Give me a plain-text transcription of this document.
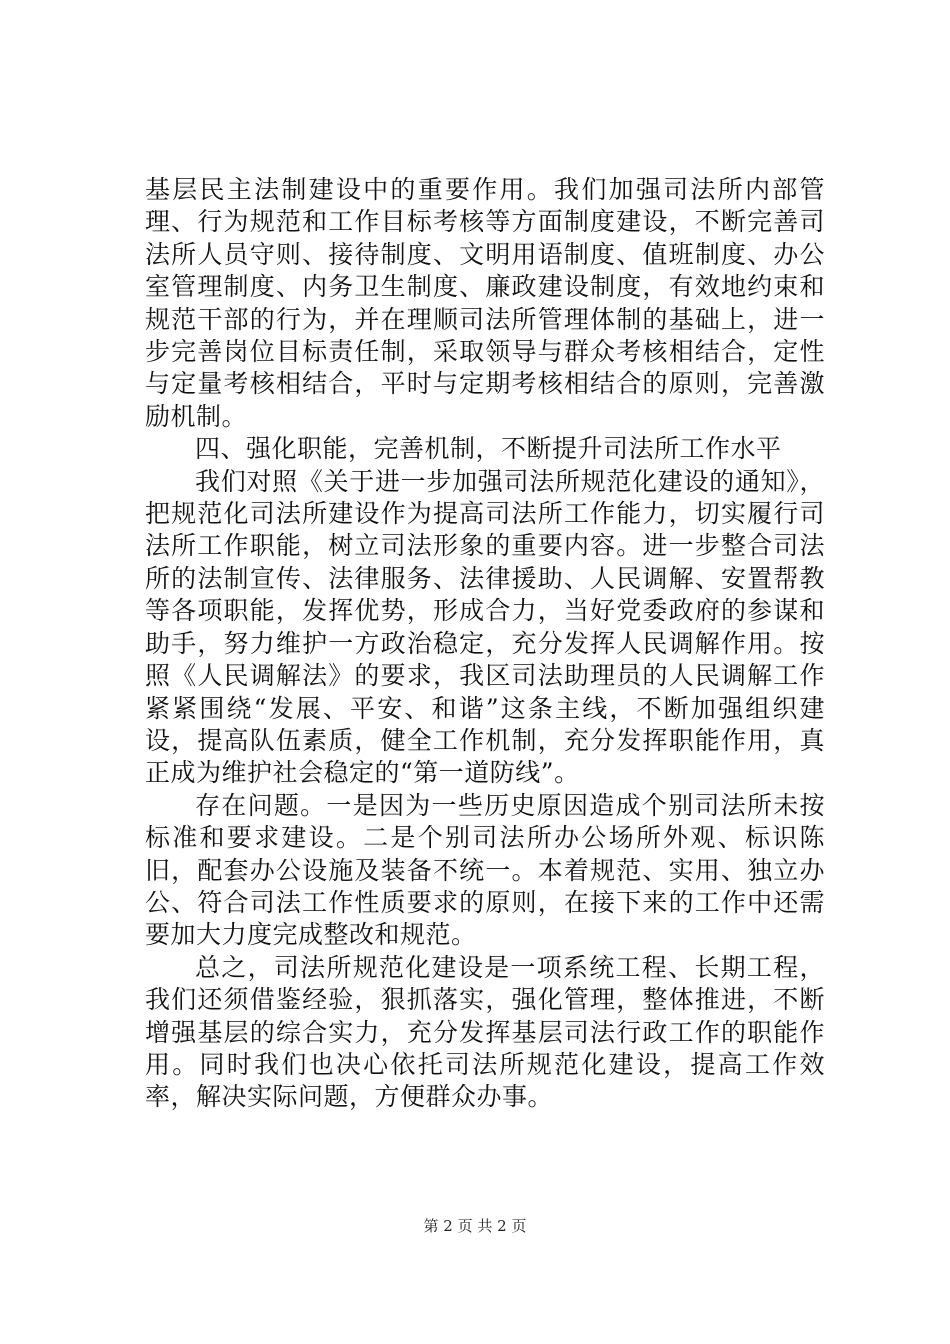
基层民主法制建设中的重要作用。我们加强司法所内部管理、行为规范和工作目标考核等方面制度建设，不断完善司法所人员守则、接待制度、文明用语制度、值班制度、办公室管理制度、内务卫生制度、廉政建设制度，有效地约束和规范干部的行为，并在理顺司法所管理体制的基础上，进一步完善岗位目标责任制，采取领导与群众考核相结合，定性与定量考核相结合，平时与定期考核相结合的原则，完善激励机制。

四、强化职能，完善机制，不断提升司法所工作水平

我们对照《关于进一步加强司法所规范化建设的通知》，把规范化司法所建设作为提高司法所工作能力，切实履行司法所工作职能，树立司法形象的重要内容。进一步整合司法所的法制宣传、法律服务、法律援助、人民调解、安置帮教等各项职能，发挥优势，形成合力，当好党委政府的参谋和助手，努力维护一方政治稳定，充分发挥人民调解作用。按照《人民调解法》的要求，我区司法助理员的人民调解工作紧紧围绕“发展、平安、和谐”这条主线，不断加强组织建设，提高队伍素质，健全工作机制，充分发挥职能作用，真正成为维护社会稳定的“第一道防线”。

存在问题。一是因为一些历史原因造成个别司法所未按标准和要求建设。二是个别司法所办公场所外观、标识陈旧，配套办公设施及装备不统一。本着规范、实用、独立办公、符合司法工作性质要求的原则，在接下来的工作中还需要加大力度完成整改和规范。

总之，司法所规范化建设是一项系统工程、长期工程，我们还须借鉴经验，狠抓落实，强化管理，整体推进，不断增强基层的综合实力，充分发挥基层司法行政工作的职能作用。同时我们也决心依托司法所规范化建设，提高工作效率，解决实际问题，方便群众办事。

第 2 页 共 2 页
